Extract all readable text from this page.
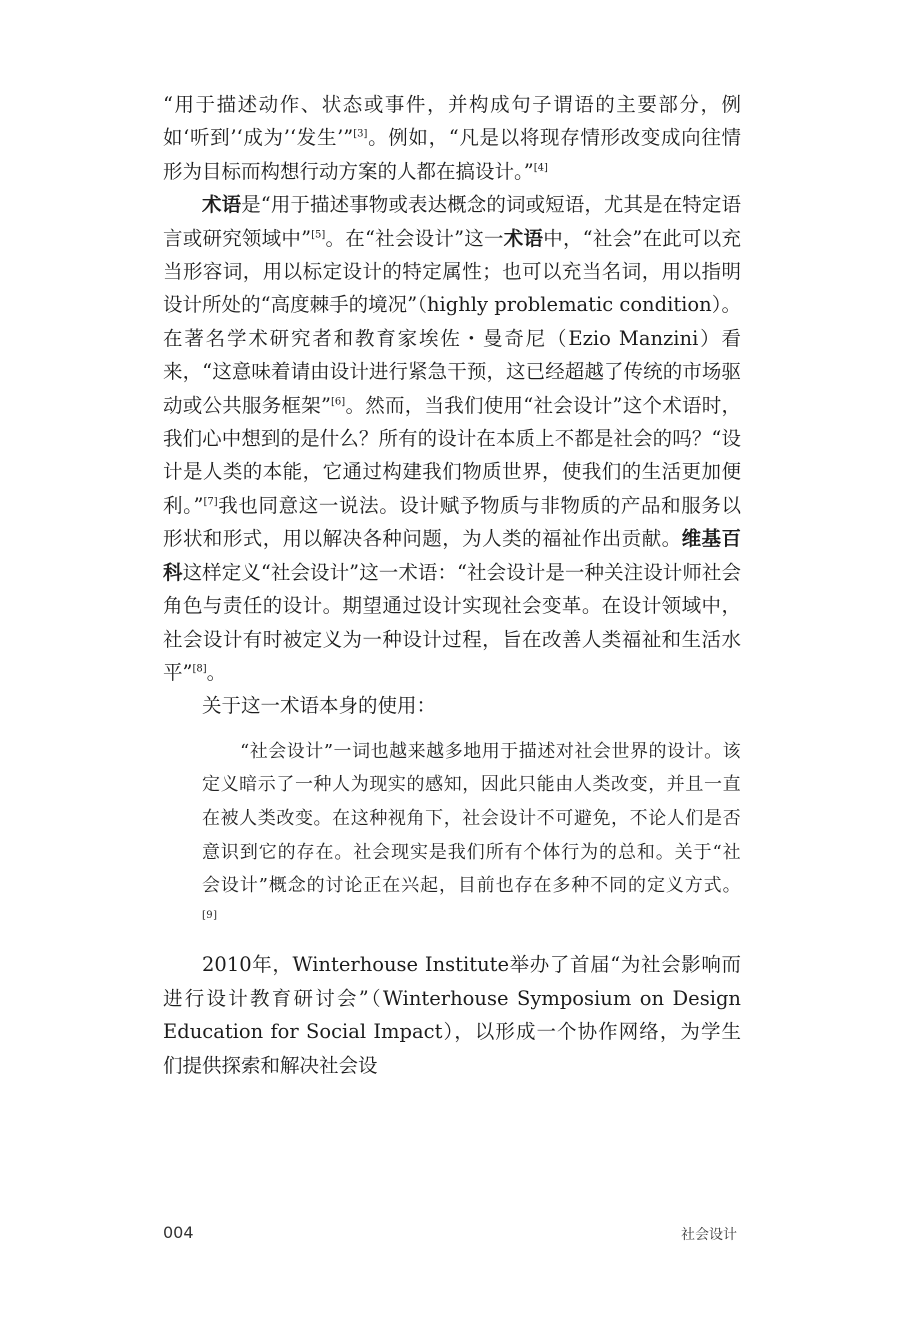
“用于描述动作、状态或事件，并构成句子谓语的主要部分，例如‘听到’‘成为’‘发生’”[3]。例如，“凡是以将现存情形改变成向往情形为目标而构想行动方案的人都在搞设计。”[4]

术语是“用于描述事物或表达概念的词或短语，尤其是在特定语言或研究领域中”[5]。在“社会设计”这一术语中，“社会”在此可以充当形容词，用以标定设计的特定属性；也可以充当名词，用以指明设计所处的“高度棘手的境况”（highly problematic condition）。在著名学术研究者和教育家埃佐・曼奇尼（Ezio Manzini）看来，“这意味着请由设计进行紧急干预，这已经超越了传统的市场驱动或公共服务框架”[6]。然而，当我们使用“社会设计”这个术语时，我们心中想到的是什么？所有的设计在本质上不都是社会的吗？“设计是人类的本能，它通过构建我们物质世界，使我们的生活更加便利。”[7]我也同意这一说法。设计赋予物质与非物质的产品和服务以形状和形式，用以解决各种问题，为人类的福祉作出贡献。维基百科这样定义“社会设计”这一术语：“社会设计是一种关注设计师社会角色与责任的设计。期望通过设计实现社会变革。在设计领域中，社会设计有时被定义为一种设计过程，旨在改善人类福祉和生活水平”[8]。

关于这一术语本身的使用：

“社会设计”一词也越来越多地用于描述对社会世界的设计。该定义暗示了一种人为现实的感知，因此只能由人类改变，并且一直在被人类改变。在这种视角下，社会设计不可避免，不论人们是否意识到它的存在。社会现实是我们所有个体行为的总和。关于“社会设计”概念的讨论正在兴起，目前也存在多种不同的定义方式。[9]

2010年，Winterhouse Institute举办了首届“为社会影响而进行设计教育研讨会”（Winterhouse Symposium on Design Education for Social Impact），以形成一个协作网络，为学生们提供探索和解决社会设

004	社会设计
